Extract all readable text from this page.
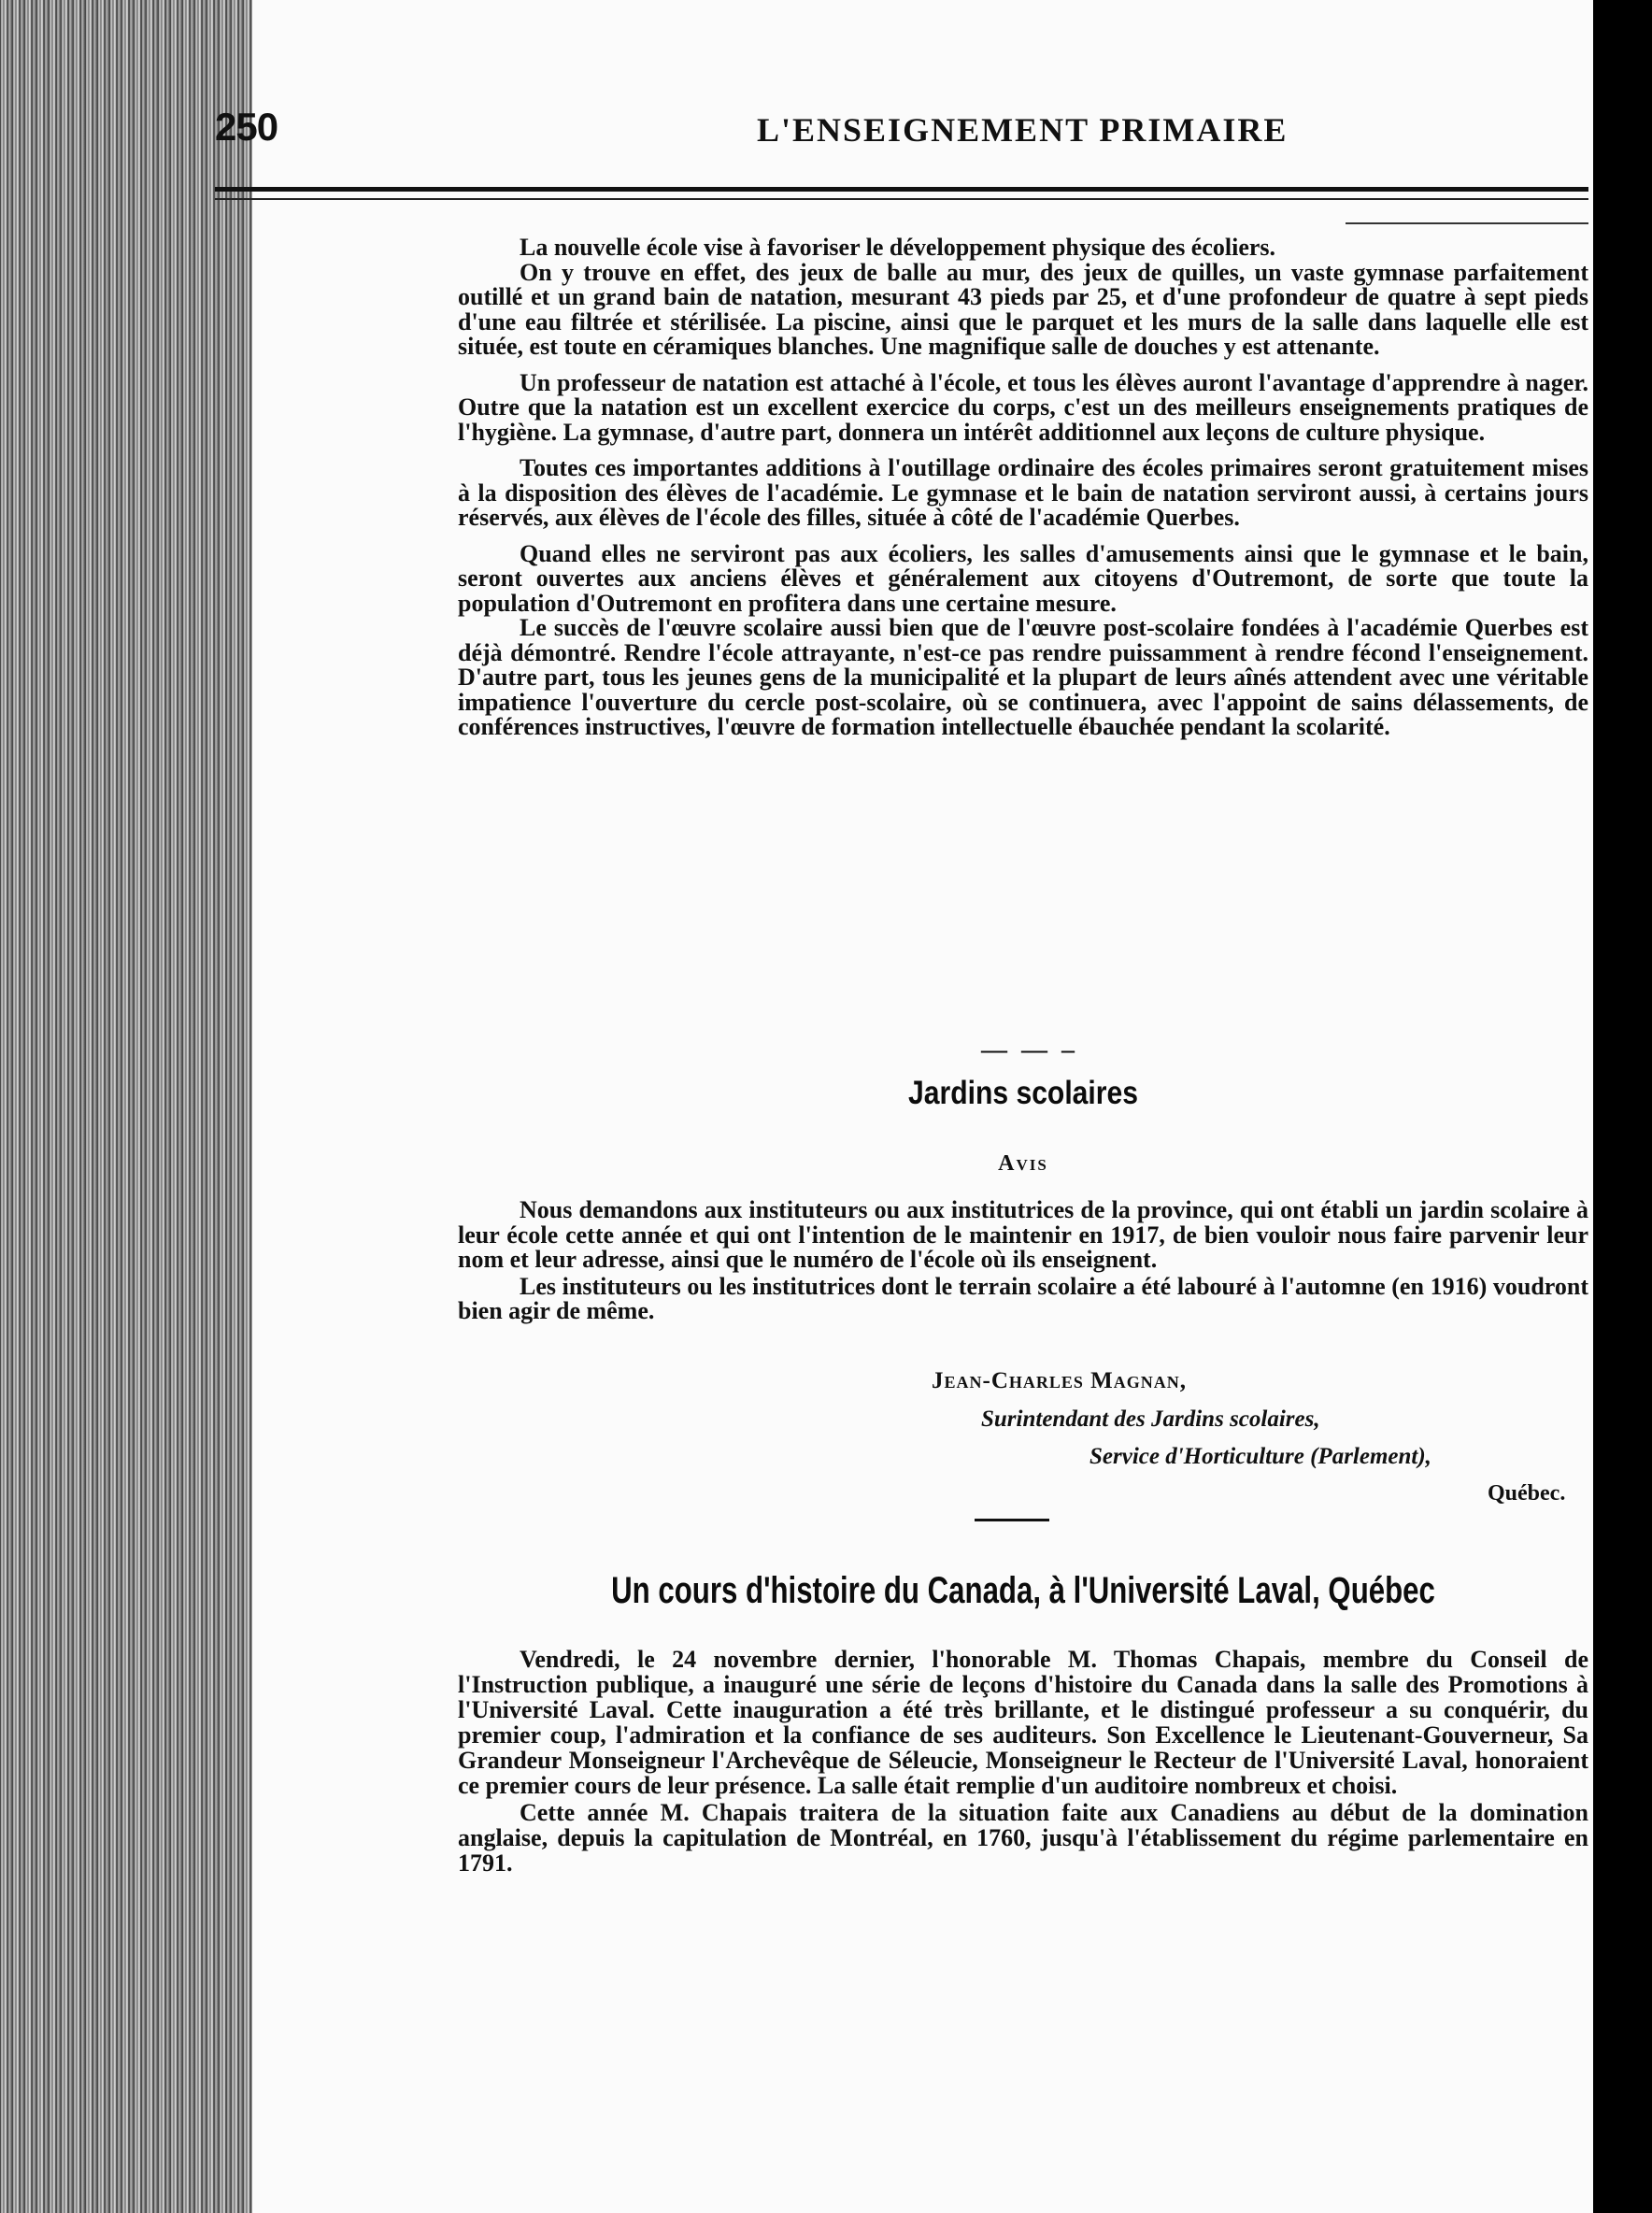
250	L'ENSEIGNEMENT PRIMAIRE

La nouvelle école vise à favoriser le développement physique des écoliers.

On y trouve en effet, des jeux de balle au mur, des jeux de quilles, un vaste gymnase parfaitement outillé et un grand bain de natation, mesurant 43 pieds par 25, et d'une profondeur de quatre à sept pieds d'une eau filtrée et stérilisée. La piscine, ainsi que le parquet et les murs de la salle dans laquelle elle est située, est toute en céramiques blanches. Une magnifique salle de douches y est attenante.

Un professeur de natation est attaché à l'école, et tous les élèves auront l'avantage d'apprendre à nager. Outre que la natation est un excellent exercice du corps, c'est un des meilleurs enseignements pratiques de l'hygiène. La gymnase, d'autre part, donnera un intérêt additionnel aux leçons de culture physique.

Toutes ces importantes additions à l'outillage ordinaire des écoles primaires seront gratuitement mises à la disposition des élèves de l'académie. Le gymnase et le bain de natation serviront aussi, à certains jours réservés, aux élèves de l'école des filles, située à côté de l'académie Querbes.

Quand elles ne serviront pas aux écoliers, les salles d'amusements ainsi que le gymnase et le bain, seront ouvertes aux anciens élèves et généralement aux citoyens d'Outremont, de sorte que toute la population d'Outremont en profitera dans une certaine mesure.

Le succès de l'œuvre scolaire aussi bien que de l'œuvre post-scolaire fondées à l'académie Querbes est déjà démontré. Rendre l'école attrayante, n'est-ce pas rendre puissamment à rendre fécond l'enseignement. D'autre part, tous les jeunes gens de la municipalité et la plupart de leurs aînés attendent avec une véritable impatience l'ouverture du cercle post-scolaire, où se continuera, avec l'appoint de sains délassements, de conférences instructives, l'œuvre de formation intellectuelle ébauchée pendant la scolarité.

— — –
Jardins scolaires
Avis

Nous demandons aux instituteurs ou aux institutrices de la province, qui ont établi un jardin scolaire à leur école cette année et qui ont l'intention de le maintenir en 1917, de bien vouloir nous faire parvenir leur nom et leur adresse, ainsi que le numéro de l'école où ils enseignent.

Les instituteurs ou les institutrices dont le terrain scolaire a été labouré à l'automne (en 1916) voudront bien agir de même.

Jean-Charles Magnan,
Surintendant des Jardins scolaires,
Service d'Horticulture (Parlement),
Québec.
Un cours d'histoire du Canada, à l'Université Laval, Québec

Vendredi, le 24 novembre dernier, l'honorable M. Thomas Chapais, membre du Conseil de l'Instruction publique, a inauguré une série de leçons d'histoire du Canada dans la salle des Promotions à l'Université Laval. Cette inauguration a été très brillante, et le distingué professeur a su conquérir, du premier coup, l'admiration et la confiance de ses auditeurs. Son Excellence le Lieutenant-Gouverneur, Sa Grandeur Monseigneur l'Archevêque de Séleucie, Monseigneur le Recteur de l'Université Laval, honoraient ce premier cours de leur présence. La salle était remplie d'un auditoire nombreux et choisi.

Cette année M. Chapais traitera de la situation faite aux Canadiens au début de la domination anglaise, depuis la capitulation de Montréal, en 1760, jusqu'à l'établissement du régime parlementaire en 1791.
